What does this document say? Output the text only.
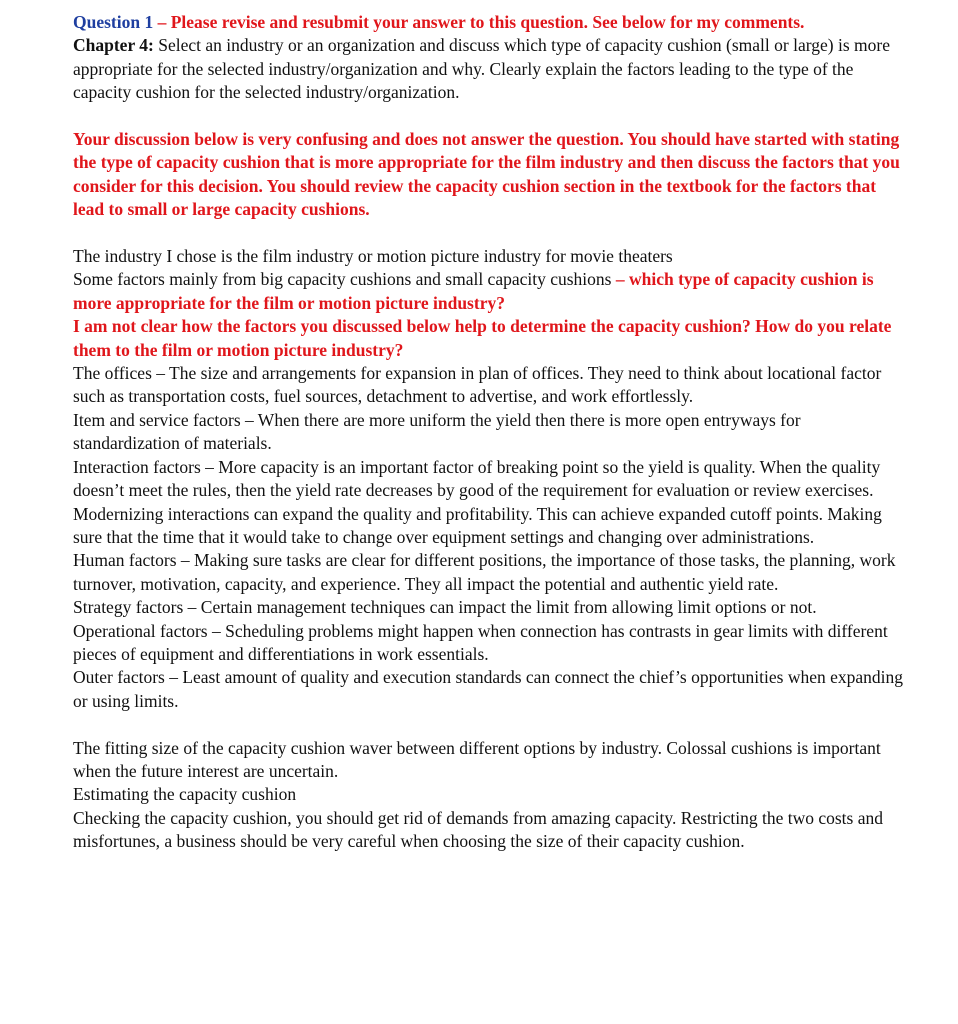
Question 1 – Please revise and resubmit your answer to this question. See below for my comments.

Chapter 4: Select an industry or an organization and discuss which type of capacity cushion (small or large) is more appropriate for the selected industry/organization and why. Clearly explain the factors leading to the type of the capacity cushion for the selected industry/organization.

Your discussion below is very confusing and does not answer the question. You should have started with stating the type of capacity cushion that is more appropriate for the film industry and then discuss the factors that you consider for this decision. You should review the capacity cushion section in the textbook for the factors that lead to small or large capacity cushions.

The industry I chose is the film industry or motion picture industry for movie theaters

Some factors mainly from big capacity cushions and small capacity cushions – which type of capacity cushion is more appropriate for the film or motion picture industry?

I am not clear how the factors you discussed below help to determine the capacity cushion? How do you relate them to the film or motion picture industry?

The offices – The size and arrangements for expansion in plan of offices. They need to think about locational factor such as transportation costs, fuel sources, detachment to advertise, and work effortlessly.

Item and service factors – When there are more uniform the yield then there is more open entryways for standardization of materials.

Interaction factors – More capacity is an important factor of breaking point so the yield is quality. When the quality doesn’t meet the rules, then the yield rate decreases by good of the requirement for evaluation or review exercises.

Modernizing interactions can expand the quality and profitability. This can achieve expanded cutoff points. Making sure that the time that it would take to change over equipment settings and changing over administrations.

Human factors – Making sure tasks are clear for different positions, the importance of those tasks, the planning, work turnover, motivation, capacity, and experience. They all impact the potential and authentic yield rate.

Strategy factors – Certain management techniques can impact the limit from allowing limit options or not.

Operational factors – Scheduling problems might happen when connection has contrasts in gear limits with different pieces of equipment and differentiations in work essentials.

Outer factors – Least amount of quality and execution standards can connect the chief’s opportunities when expanding or using limits.

The fitting size of the capacity cushion waver between different options by industry. Colossal cushions is important when the future interest are uncertain.

Estimating the capacity cushion

Checking the capacity cushion, you should get rid of demands from amazing capacity. Restricting the two costs and misfortunes, a business should be very careful when choosing the size of their capacity cushion.
